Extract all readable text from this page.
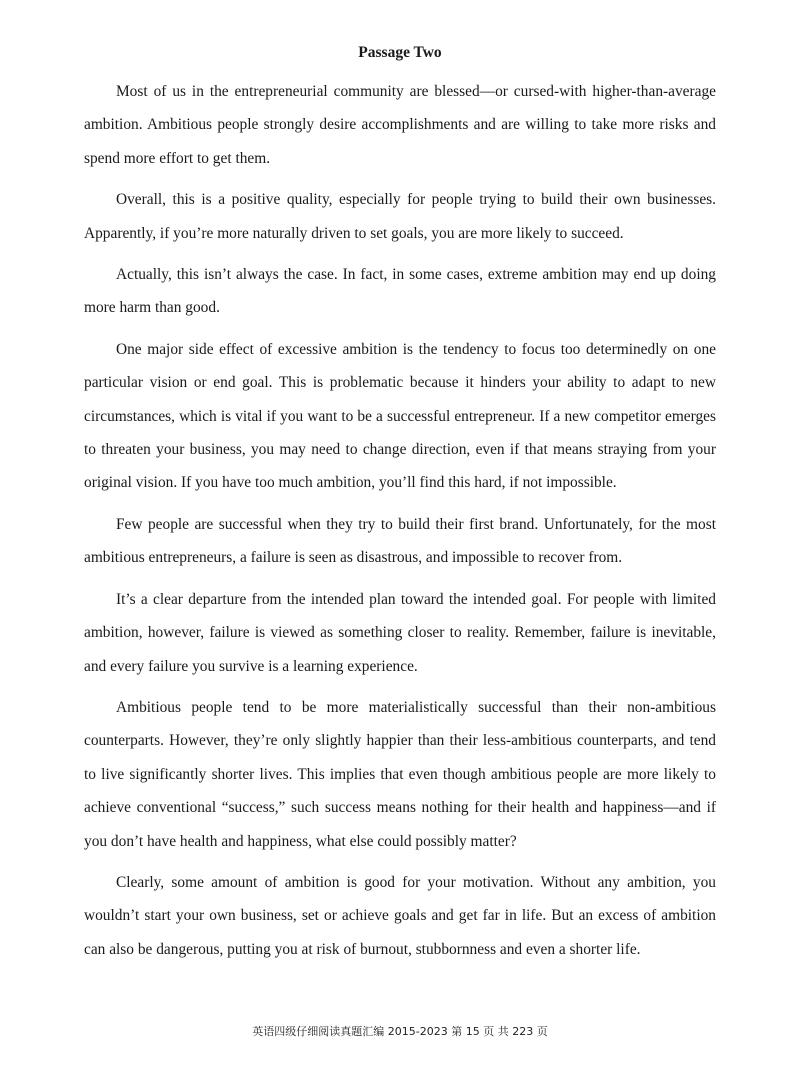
Passage Two

Most of us in the entrepreneurial community are blessed—or cursed-with higher-than-average ambition. Ambitious people strongly desire accomplishments and are willing to take more risks and spend more effort to get them.

Overall, this is a positive quality, especially for people trying to build their own businesses. Apparently, if you’re more naturally driven to set goals, you are more likely to succeed.

Actually, this isn’t always the case. In fact, in some cases, extreme ambition may end up doing more harm than good.

One major side effect of excessive ambition is the tendency to focus too determinedly on one particular vision or end goal. This is problematic because it hinders your ability to adapt to new circumstances, which is vital if you want to be a successful entrepreneur. If a new competitor emerges to threaten your business, you may need to change direction, even if that means straying from your original vision. If you have too much ambition, you’ll find this hard, if not impossible.

Few people are successful when they try to build their first brand. Unfortunately, for the most ambitious entrepreneurs, a failure is seen as disastrous, and impossible to recover from.

It’s a clear departure from the intended plan toward the intended goal. For people with limited ambition, however, failure is viewed as something closer to reality. Remember, failure is inevitable, and every failure you survive is a learning experience.

Ambitious people tend to be more materialistically successful than their non-ambitious counterparts. However, they’re only slightly happier than their less-ambitious counterparts, and tend to live significantly shorter lives. This implies that even though ambitious people are more likely to achieve conventional “success,” such success means nothing for their health and happiness—and if you don’t have health and happiness, what else could possibly matter?

Clearly, some amount of ambition is good for your motivation. Without any ambition, you wouldn’t start your own business, set or achieve goals and get far in life. But an excess of ambition can also be dangerous, putting you at risk of burnout, stubbornness and even a shorter life.

英语四级仔细阅读真题汇编 2015-2023 第 15 页 共 223 页
